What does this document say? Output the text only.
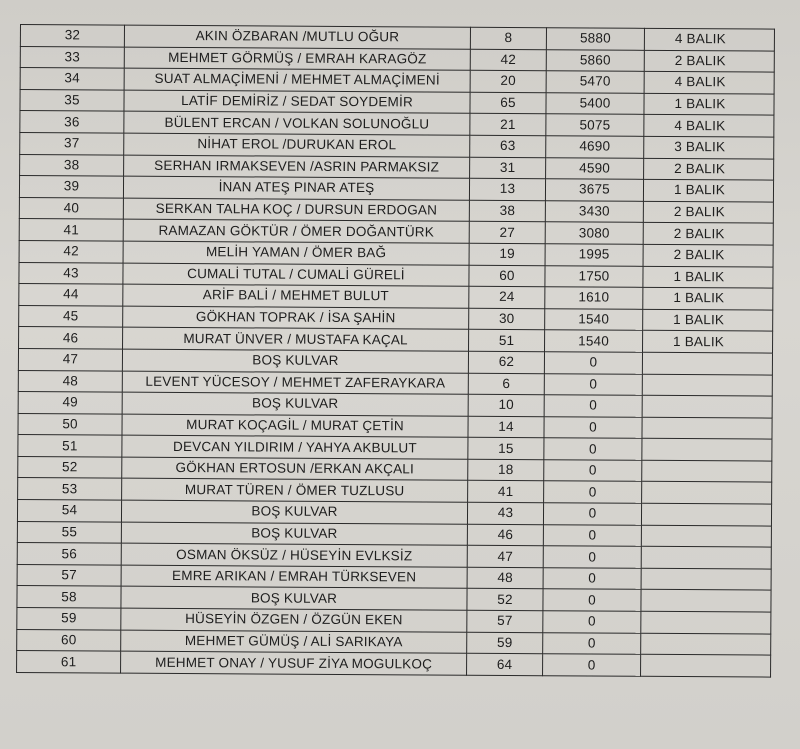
32	AKIN ÖZBARAN /MUTLU OĞUR	8	5880	4 BALIK
33	MEHMET GÖRMÜŞ / EMRAH KARAGÖZ	42	5860	2 BALIK
34	SUAT ALMAÇİMENİ / MEHMET ALMAÇİMENİ	20	5470	4 BALIK
35	LATİF DEMİRİZ / SEDAT SOYDEMİR	65	5400	1 BALIK
36	BÜLENT ERCAN / VOLKAN SOLUNOĞLU	21	5075	4 BALIK
37	NİHAT EROL /DURUKAN EROL	63	4690	3 BALIK
38	SERHAN IRMAKSEVEN /ASRIN PARMAKSIZ	31	4590	2 BALIK
39	İNAN ATEŞ PINAR ATEŞ	13	3675	1 BALIK
40	SERKAN TALHA KOÇ / DURSUN ERDOGAN	38	3430	2 BALIK
41	RAMAZAN GÖKTÜR / ÖMER DOĞANTÜRK	27	3080	2 BALIK
42	MELİH YAMAN / ÖMER BAĞ	19	1995	2 BALIK
43	CUMALİ TUTAL / CUMALİ GÜRELİ	60	1750	1 BALIK
44	ARİF BALİ / MEHMET BULUT	24	1610	1 BALIK
45	GÖKHAN TOPRAK / İSA ŞAHİN	30	1540	1 BALIK
46	MURAT ÜNVER / MUSTAFA KAÇAL	51	1540	1 BALIK
47	BOŞ KULVAR	62	0	
48	LEVENT YÜCESOY / MEHMET ZAFERAYKARA	6	0	
49	BOŞ KULVAR	10	0	
50	MURAT KOÇAGİL / MURAT ÇETİN	14	0	
51	DEVCAN YILDIRIM / YAHYA AKBULUT	15	0	
52	GÖKHAN ERTOSUN /ERKAN AKÇALI	18	0	
53	MURAT TÜREN / ÖMER TUZLUSU	41	0	
54	BOŞ KULVAR	43	0	
55	BOŞ KULVAR	46	0	
56	OSMAN ÖKSÜZ / HÜSEYİN EVLKSİZ	47	0	
57	EMRE ARIKAN / EMRAH TÜRKSEVEN	48	0	
58	BOŞ KULVAR	52	0	
59	HÜSEYİN ÖZGEN / ÖZGÜN EKEN	57	0	
60	MEHMET GÜMÜŞ / ALİ SARIKAYA	59	0	
61	MEHMET ONAY / YUSUF ZİYA MOGULKOÇ	64	0	
